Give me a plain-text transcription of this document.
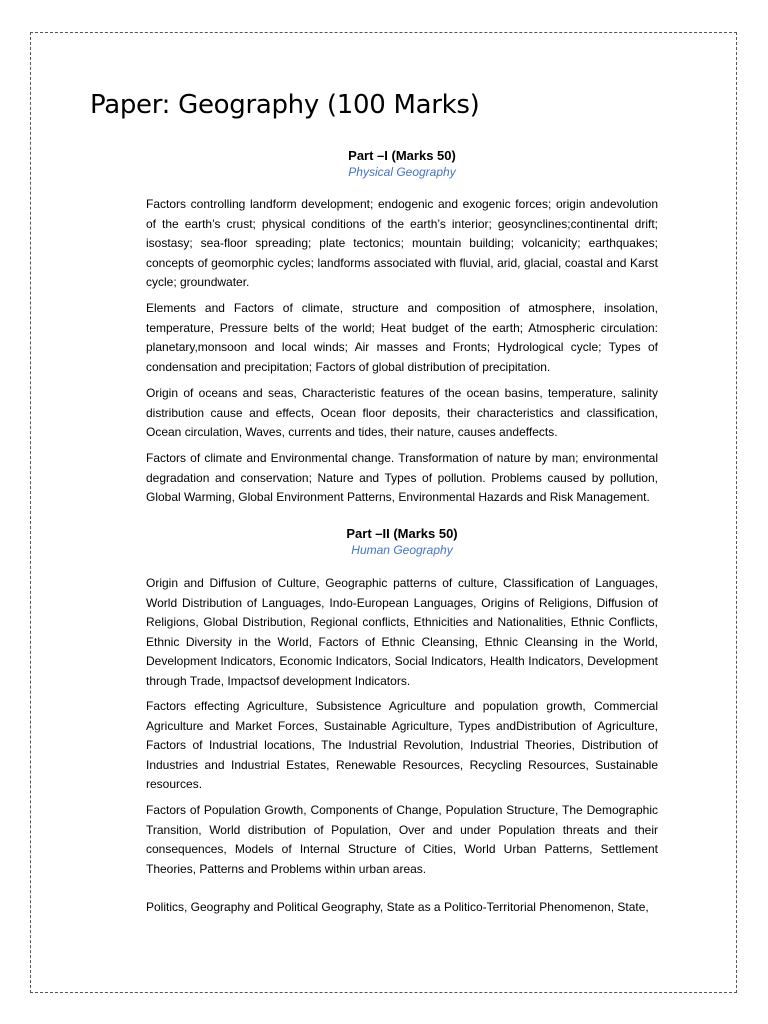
Paper: Geography (100 Marks)
Part –I (Marks 50)
Physical Geography

Factors controlling landform development; endogenic and exogenic forces; origin andevolution of the earth’s crust; physical conditions of the earth’s interior; geosynclines;continental drift; isostasy; sea-floor spreading; plate tectonics; mountain building; volcanicity; earthquakes; concepts of geomorphic cycles; landforms associated with fluvial, arid, glacial, coastal and Karst cycle; groundwater.

Elements and Factors of climate, structure and composition of atmosphere, insolation, temperature, Pressure belts of the world; Heat budget of the earth; Atmospheric circulation: planetary,monsoon and local winds; Air masses and Fronts; Hydrological cycle; Types of condensation and precipitation; Factors of global distribution of precipitation.

Origin of oceans and seas, Characteristic features of the ocean basins, temperature, salinity distribution cause and effects, Ocean floor deposits, their characteristics and classification, Ocean circulation, Waves, currents and tides, their nature, causes andeffects.

Factors of climate and Environmental change. Transformation of nature by man; environmental degradation and conservation; Nature and Types of pollution. Problems caused by pollution, Global Warming, Global Environment Patterns, Environmental Hazards and Risk Management.

Part –II (Marks 50)
Human Geography

Origin and Diffusion of Culture, Geographic patterns of culture, Classification of Languages, World Distribution of Languages, Indo-European Languages, Origins of Religions, Diffusion of Religions, Global Distribution, Regional conflicts, Ethnicities and Nationalities, Ethnic Conflicts, Ethnic Diversity in the World, Factors of Ethnic Cleansing, Ethnic Cleansing in the World, Development Indicators, Economic Indicators, Social Indicators, Health Indicators, Development through Trade, Impactsof development Indicators.

Factors effecting Agriculture, Subsistence Agriculture and population growth, Commercial Agriculture and Market Forces, Sustainable Agriculture, Types andDistribution of Agriculture, Factors of Industrial locations, The Industrial Revolution, Industrial Theories, Distribution of Industries and Industrial Estates, Renewable Resources, Recycling Resources, Sustainable resources.

Factors of Population Growth, Components of Change, Population Structure, The Demographic Transition, World distribution of Population, Over and under Population threats and their consequences, Models of Internal Structure of Cities, World Urban Patterns, Settlement Theories, Patterns and Problems within urban areas.

Politics, Geography and Political Geography, State as a Politico-Territorial Phenomenon, State,
